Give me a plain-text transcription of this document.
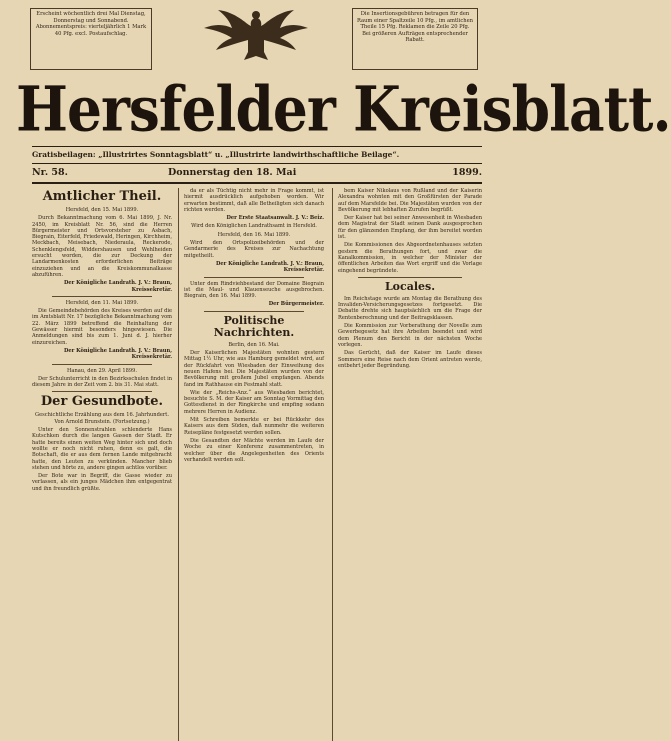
Erscheint wöchentlich drei Mal Dienstag, Donnerstag und Sonnabend. Abonnementspreis: vierteljährlich 1 Mark 40 Pfg. excl. Postaufschlag.
Die Insertionsgebühren betragen für den Raum einer Spaltzeile 10 Pfg., im amtlichen Theile 15 Pfg. Reklamen die Zeile 20 Pfg. Bei größeren Aufträgen entsprechender Rabatt.
Hersfelder Kreisblatt.
Gratisbeilagen: „Illustrirtes Sonntagsblatt“ u. „Illustrirte landwirthschaftliche Beilage“.
Nr. 58.	Donnerstag den 18. Mai	1899.
Amtlicher Theil.

Hersfeld, den 15. Mai 1899.

Durch Bekanntmachung vom 6. Mai 1899, J. Nr. 2450, im Kreisblatt Nr. 56, sind die Herren Bürgermeister und Ortsvorsteher zu Asbach, Biegrain, Eiterfeld, Friedewald, Heringen, Kirchheim, Meckbach, Meisebach, Niederaula, Reckerode, Schenklengsfeld, Widdershausen und Wehlheiden ersucht worden, die zur Deckung der Landarmenkosten erforderlichen Beiträge einzuziehen und an die Kreiskommunalkasse abzuführen.

Der Königliche Landrath. J. V.: Braun, Kreissekretär.

Hersfeld, den 11. Mai 1899.

Die Gemeindebehörden des Kreises werden auf die im Amtsblatt Nr. 17 bezügliche Bekanntmachung vom 22. März 1899 betreffend die Reinhaltung der Gewässer hiermit besonders hingewiesen. Die Anmeldungen sind bis zum 1. Juni d. J. hierher einzureichen.

Der Königliche Landrath. J. V.: Braun, Kreissekretär.

Hanau, den 29. April 1899.

Der Schulunterricht in den Bezirksschulen findet in diesem Jahre in der Zeit vom 2. bis 31. Mai statt.

Der Gesundbote.

Geschichtliche Erzählung aus dem 16. Jahrhundert. Von Arnold Brunstein. (Fortsetzung.)

Unter den Sonnenstrahlen schlenderte Hans Kutschken durch die langen Gassen der Stadt. Er hatte bereits einen weiten Weg hinter sich und doch wollte er noch nicht ruhen, denn es galt, die Botschaft, die er aus dem fernen Lande mitgebracht hatte, den Leuten zu verkünden. Mancher blieb stehen und hörte zu, andere gingen achtlos vorüber.

Der Bote war in Begriff, die Gasse wieder zu verlassen, als ein junges Mädchen ihm entgegentrat und ihn freundlich grüßte.

da er als Tüchtig nicht mehr in Frage kommt, ist hiermit ausdrücklich aufgehoben worden. Wir erwarten bestimmt, daß alle Betheiligten sich danach richten werden.

Der Erste Staatsanwalt. J. V.: Beiz.

Wird den Königlichen Landrathsamt in Hersfeld.

Hersfeld, den 16. Mai 1899.

Wird den Ortspolizeibehörden und der Gendarmerie des Kreises zur Nachachtung mitgetheilt.

Der Königliche Landrath. J. V.: Braun, Kreissekretär.

Unter dem Rindviehbestand der Domaine Biegrain ist die Maul- und Klauenseuche ausgebrochen. Biegrain, den 16. Mai 1899.

Der Bürgermeister.

Politische Nachrichten.

Berlin, den 16. Mai.

Der Kaiserlichen Majestäten wohnten gestern Mittag 1½ Uhr, wie aus Hamburg gemeldet wird, auf der Rückfahrt von Wiesbaden der Einweihung des neuen Hafens bei. Die Majestäten wurden von der Bevölkerung mit großem Jubel empfangen. Abends fand im Rathhause ein Festmahl statt.

Wie der „Reichs-Anz.“ aus Wiesbaden berichtet, besuchte S. M. der Kaiser am Sonntag Vormittag den Gottesdienst in der Ringkirche und empfing sodann mehrere Herren in Audienz.

Mit Schreiben bemerkte er bei Rückkehr des Kaisers aus dem Süden, daß nunmehr die weiteren Reisepläne festgesetzt werden sollen.

Die Gesandten der Mächte werden im Laufe der Woche zu einer Konferenz zusammentreten, in welcher über die Angelegenheiten des Orients verhandelt werden soll.

bem Kaiser Nikolaus von Rußland und der Kaiserin Alexandra wohnten mit den Großfürsten der Parade auf dem Marsfelde bei. Die Majestäten wurden von der Bevölkerung mit lebhaften Zurufen begrüßt.

Der Kaiser hat bei seiner Anwesenheit in Wiesbaden dem Magistrat der Stadt seinen Dank ausgesprochen für den glänzenden Empfang, der ihm bereitet worden ist.

Die Kommissionen des Abgeordnetenhauses setzten gestern die Berathungen fort, und zwar die Kanalkommission, in welcher der Minister der öffentlichen Arbeiten das Wort ergriff und die Vorlage eingehend begründete.

Locales.

Im Reichstage wurde am Montag die Berathung des Invaliden-Versicherungsgesetzes fortgesetzt. Die Debatte drehte sich hauptsächlich um die Frage der Rentenberechnung und der Beitragsklassen.

Die Kommission zur Vorberathung der Novelle zum Gewerbegesetz hat ihre Arbeiten beendet und wird dem Plenum den Bericht in der nächsten Woche vorlegen.

Das Gerücht, daß der Kaiser im Laufe dieses Sommers eine Reise nach dem Orient antreten werde, entbehrt jeder Begründung.
